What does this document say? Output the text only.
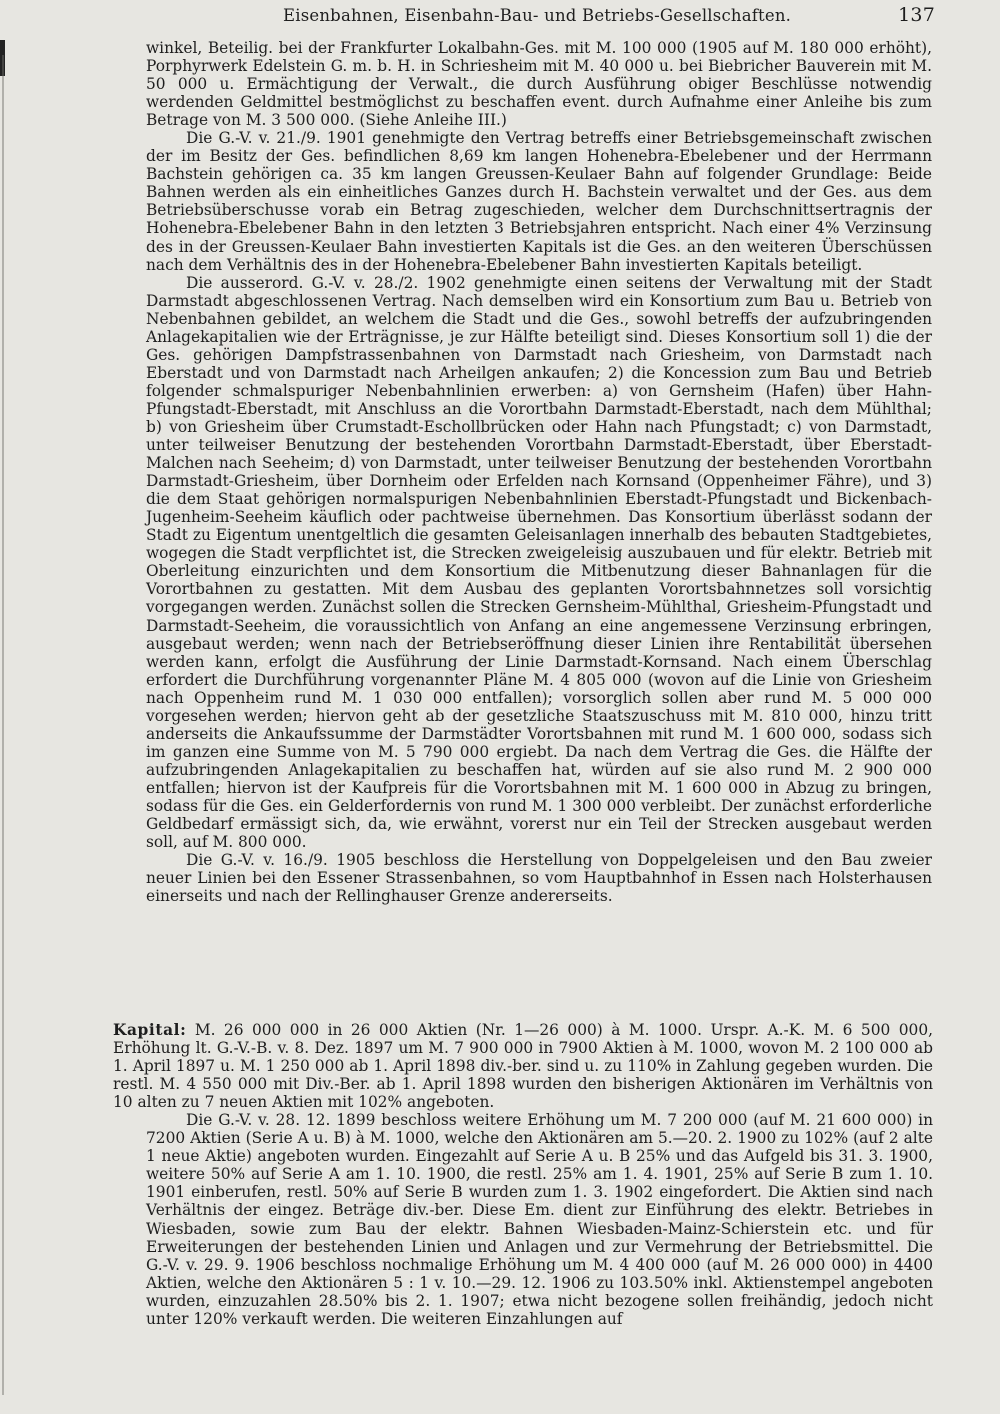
Eisenbahnen, Eisenbahn-Bau- und Betriebs-Gesellschaften.	137

winkel, Beteilig. bei der Frankfurter Lokalbahn-Ges. mit M. 100 000 (1905 auf M. 180 000 erhöht), Porphyrwerk Edelstein G. m. b. H. in Schriesheim mit M. 40 000 u. bei Biebricher Bauverein mit M. 50 000 u. Ermächtigung der Verwalt., die durch Ausführung obiger Beschlüsse notwendig werdenden Geldmittel bestmöglichst zu beschaffen event. durch Aufnahme einer Anleihe bis zum Betrage von M. 3 500 000. (Siehe Anleihe III.)

Die G.-V. v. 21./9. 1901 genehmigte den Vertrag betreffs einer Betriebsgemeinschaft zwischen der im Besitz der Ges. befindlichen 8,69 km langen Hohenebra-Ebelebener und der Herrmann Bachstein gehörigen ca. 35 km langen Greussen-Keulaer Bahn auf folgender Grundlage: Beide Bahnen werden als ein einheitliches Ganzes durch H. Bachstein verwaltet und der Ges. aus dem Betriebsüberschusse vorab ein Betrag zugeschieden, welcher dem Durchschnittsertragnis der Hohenebra-Ebelebener Bahn in den letzten 3 Betriebsjahren entspricht. Nach einer 4% Verzinsung des in der Greussen-Keulaer Bahn investierten Kapitals ist die Ges. an den weiteren Überschüssen nach dem Verhältnis des in der Hohenebra-Ebelebener Bahn investierten Kapitals beteiligt.

Die ausserord. G.-V. v. 28./2. 1902 genehmigte einen seitens der Verwaltung mit der Stadt Darmstadt abgeschlossenen Vertrag. Nach demselben wird ein Konsortium zum Bau u. Betrieb von Nebenbahnen gebildet, an welchem die Stadt und die Ges., sowohl betreffs der aufzubringenden Anlagekapitalien wie der Erträgnisse, je zur Hälfte beteiligt sind. Dieses Konsortium soll 1) die der Ges. gehörigen Dampfstrassenbahnen von Darmstadt nach Griesheim, von Darmstadt nach Eberstadt und von Darmstadt nach Arheilgen ankaufen; 2) die Koncession zum Bau und Betrieb folgender schmalspuriger Nebenbahnlinien erwerben: a) von Gernsheim (Hafen) über Hahn-Pfungstadt-Eberstadt, mit Anschluss an die Vorortbahn Darmstadt-Eberstadt, nach dem Mühlthal; b) von Griesheim über Crumstadt-Eschollbrücken oder Hahn nach Pfungstadt; c) von Darmstadt, unter teilweiser Benutzung der bestehenden Vorortbahn Darmstadt-Eberstadt, über Eberstadt-Malchen nach Seeheim; d) von Darmstadt, unter teilweiser Benutzung der bestehenden Vorortbahn Darmstadt-Griesheim, über Dornheim oder Erfelden nach Kornsand (Oppenheimer Fähre), und 3) die dem Staat gehörigen normalspurigen Nebenbahnlinien Eberstadt-Pfungstadt und Bickenbach-Jugenheim-Seeheim käuflich oder pachtweise übernehmen. Das Konsortium überlässt sodann der Stadt zu Eigentum unentgeltlich die gesamten Geleisanlagen innerhalb des bebauten Stadtgebietes, wogegen die Stadt verpflichtet ist, die Strecken zweigeleisig auszubauen und für elektr. Betrieb mit Oberleitung einzurichten und dem Konsortium die Mitbenutzung dieser Bahnanlagen für die Vorortbahnen zu gestatten. Mit dem Ausbau des geplanten Vorortsbahnnetzes soll vorsichtig vorgegangen werden. Zunächst sollen die Strecken Gernsheim-Mühlthal, Griesheim-Pfungstadt und Darmstadt-Seeheim, die voraussichtlich von Anfang an eine angemessene Verzinsung erbringen, ausgebaut werden; wenn nach der Betriebseröffnung dieser Linien ihre Rentabilität übersehen werden kann, erfolgt die Ausführung der Linie Darmstadt-Kornsand. Nach einem Überschlag erfordert die Durchführung vorgenannter Pläne M. 4 805 000 (wovon auf die Linie von Griesheim nach Oppenheim rund M. 1 030 000 entfallen); vorsorglich sollen aber rund M. 5 000 000 vorgesehen werden; hiervon geht ab der gesetzliche Staatszuschuss mit M. 810 000, hinzu tritt anderseits die Ankaufssumme der Darmstädter Vorortsbahnen mit rund M. 1 600 000, sodass sich im ganzen eine Summe von M. 5 790 000 ergiebt. Da nach dem Vertrag die Ges. die Hälfte der aufzubringenden Anlagekapitalien zu beschaffen hat, würden auf sie also rund M. 2 900 000 entfallen; hiervon ist der Kaufpreis für die Vorortsbahnen mit M. 1 600 000 in Abzug zu bringen, sodass für die Ges. ein Gelderfordernis von rund M. 1 300 000 verbleibt. Der zunächst erforderliche Geldbedarf ermässigt sich, da, wie erwähnt, vorerst nur ein Teil der Strecken ausgebaut werden soll, auf M. 800 000.

Die G.-V. v. 16./9. 1905 beschloss die Herstellung von Doppelgeleisen und den Bau zweier neuer Linien bei den Essener Strassenbahnen, so vom Hauptbahnhof in Essen nach Holsterhausen einerseits und nach der Rellinghauser Grenze andererseits.

Kapital: M. 26 000 000 in 26 000 Aktien (Nr. 1—26 000) à M. 1000. Urspr. A.-K. M. 6 500 000, Erhöhung lt. G.-V.-B. v. 8. Dez. 1897 um M. 7 900 000 in 7900 Aktien à M. 1000, wovon M. 2 100 000 ab 1. April 1897 u. M. 1 250 000 ab 1. April 1898 div.-ber. sind u. zu 110% in Zahlung gegeben wurden. Die restl. M. 4 550 000 mit Div.-Ber. ab 1. April 1898 wurden den bisherigen Aktionären im Verhältnis von 10 alten zu 7 neuen Aktien mit 102% angeboten.

Die G.-V. v. 28. 12. 1899 beschloss weitere Erhöhung um M. 7 200 000 (auf M. 21 600 000) in 7200 Aktien (Serie A u. B) à M. 1000, welche den Aktionären am 5.—20. 2. 1900 zu 102% (auf 2 alte 1 neue Aktie) angeboten wurden. Eingezahlt auf Serie A u. B 25% und das Aufgeld bis 31. 3. 1900, weitere 50% auf Serie A am 1. 10. 1900, die restl. 25% am 1. 4. 1901, 25% auf Serie B zum 1. 10. 1901 einberufen, restl. 50% auf Serie B wurden zum 1. 3. 1902 eingefordert. Die Aktien sind nach Verhältnis der eingez. Beträge div.-ber. Diese Em. dient zur Einführung des elektr. Betriebes in Wiesbaden, sowie zum Bau der elektr. Bahnen Wiesbaden-Mainz-Schierstein etc. und für Erweiterungen der bestehenden Linien und Anlagen und zur Vermehrung der Betriebsmittel. Die G.-V. v. 29. 9. 1906 beschloss nochmalige Erhöhung um M. 4 400 000 (auf M. 26 000 000) in 4400 Aktien, welche den Aktionären 5 : 1 v. 10.—29. 12. 1906 zu 103.50% inkl. Aktienstempel angeboten wurden, einzuzahlen 28.50% bis 2. 1. 1907; etwa nicht bezogene sollen freihändig, jedoch nicht unter 120% verkauft werden. Die weiteren Einzahlungen auf
